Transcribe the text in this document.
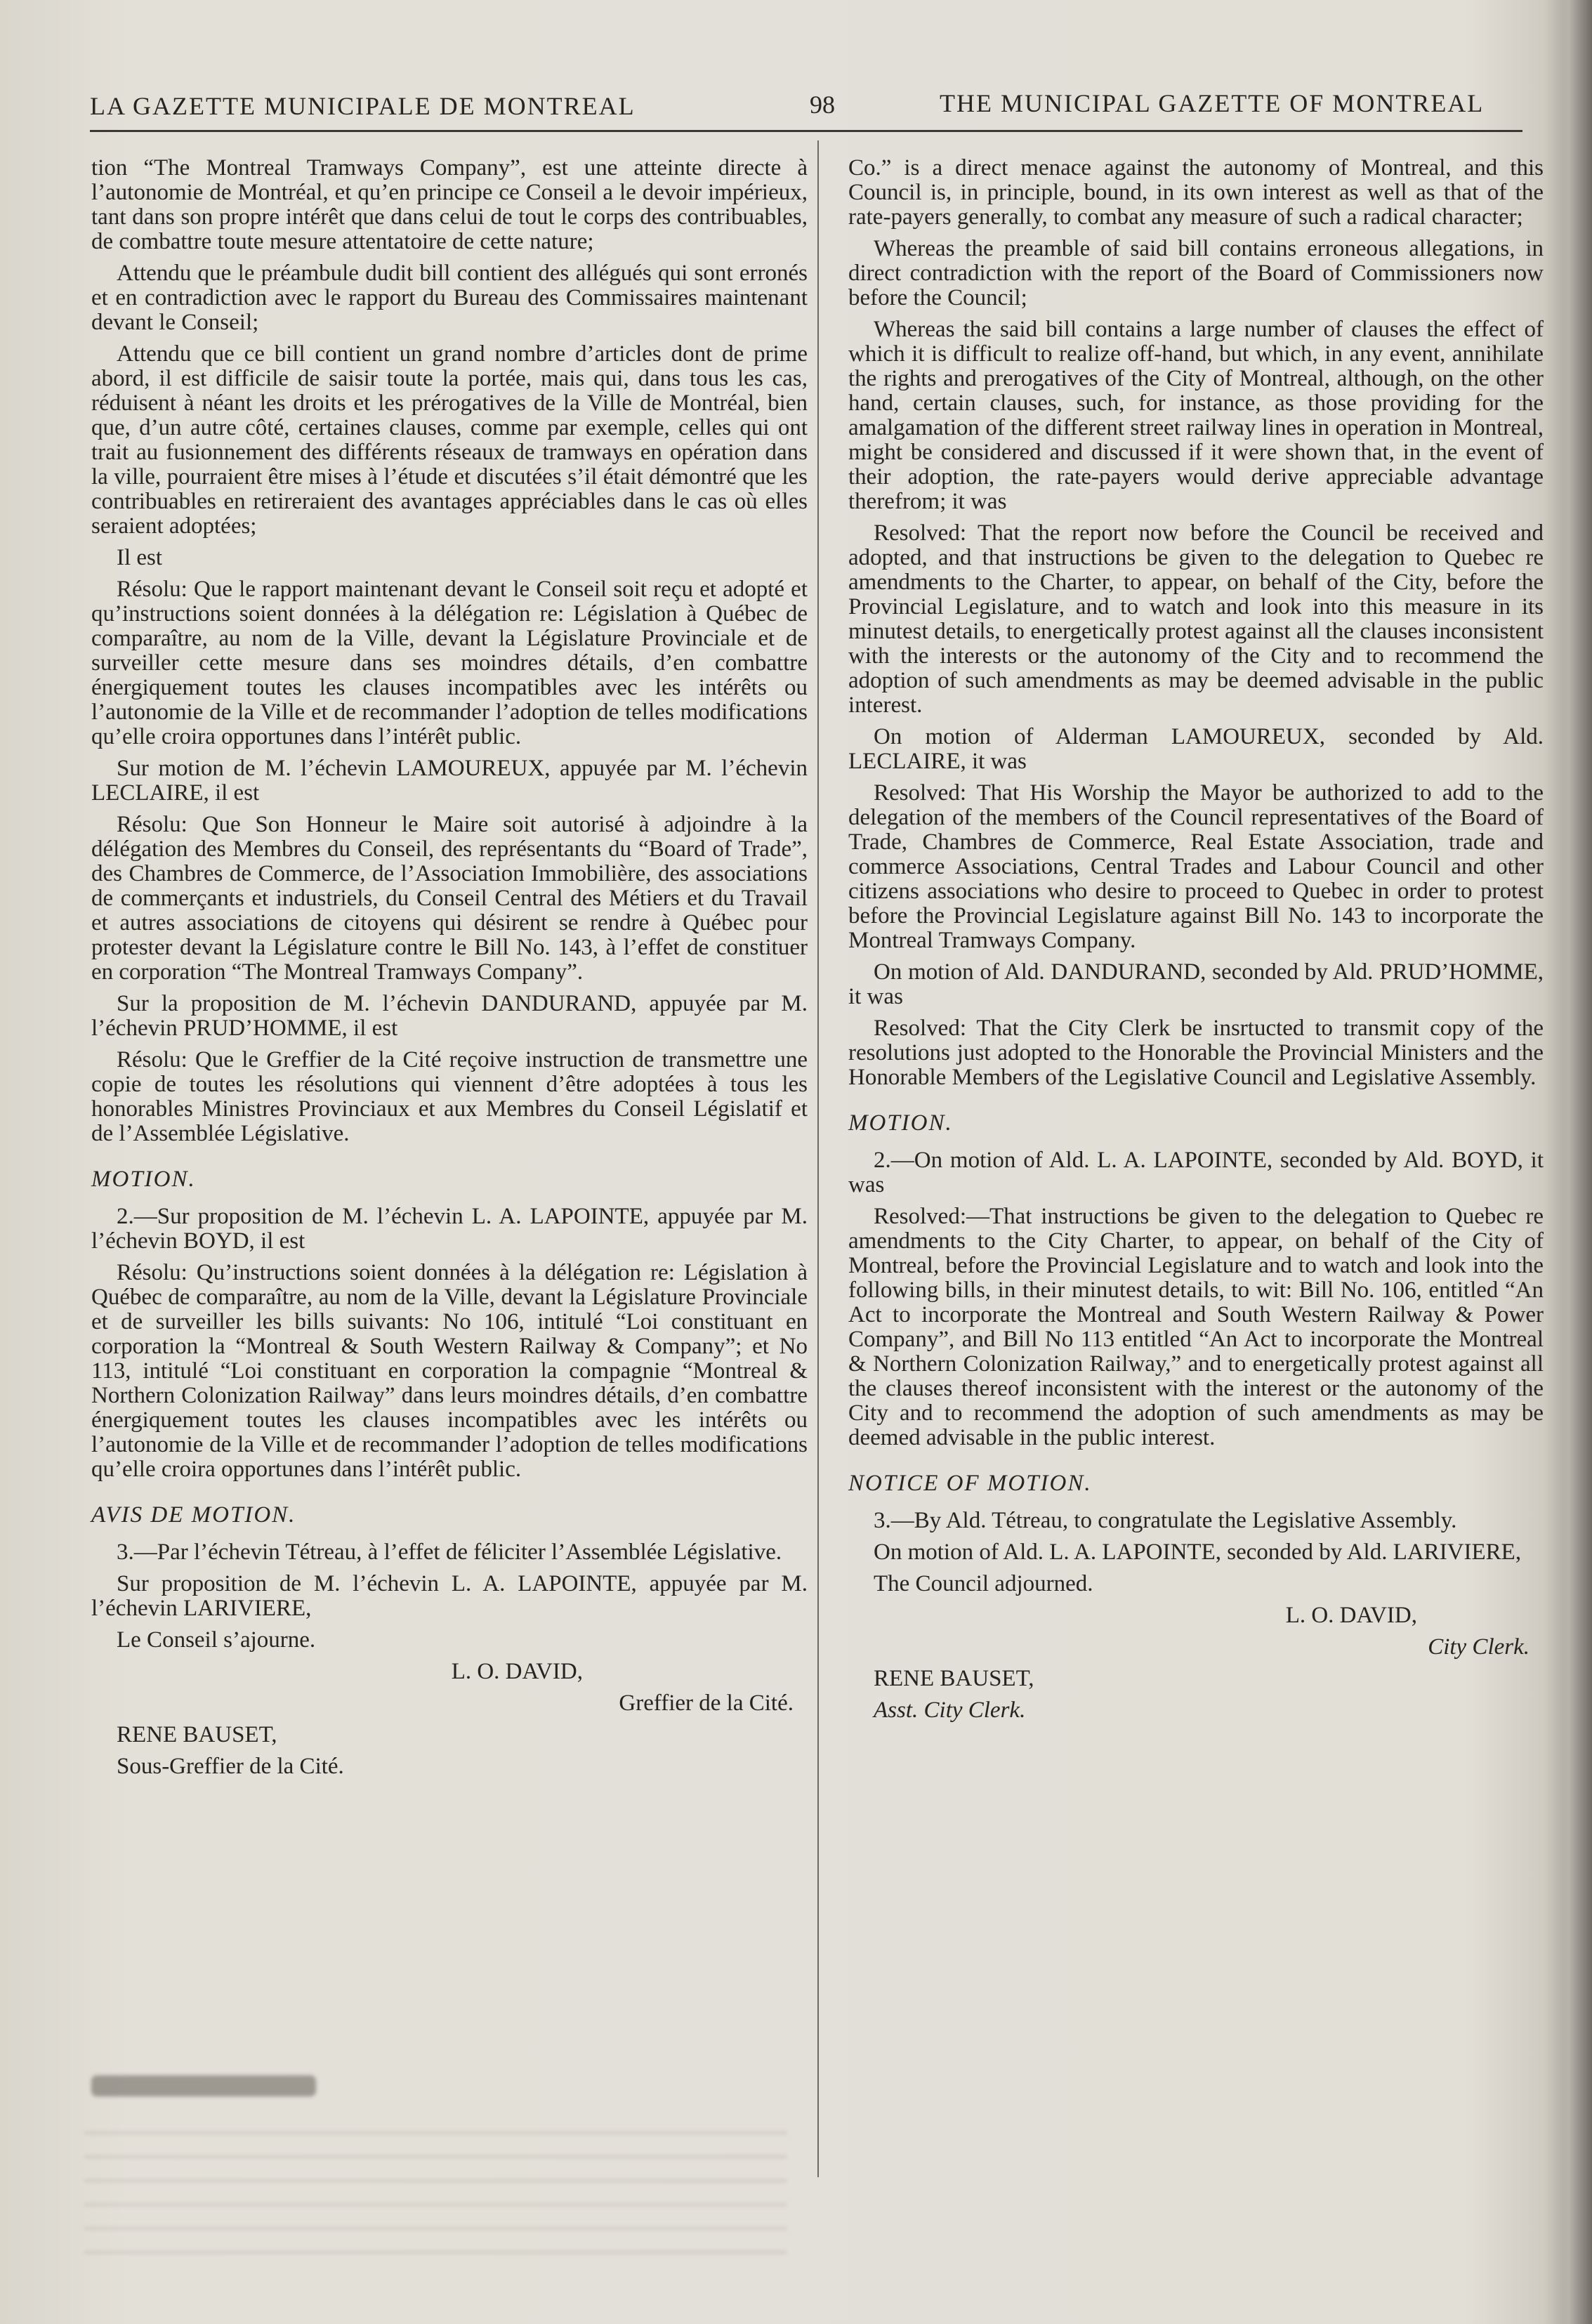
LA GAZETTE MUNICIPALE DE MONTREAL	98	THE MUNICIPAL GAZETTE OF MONTREAL

tion “The Montreal Tramways Company”, est une atteinte directe à l’autonomie de Montréal, et qu’en principe ce Conseil a le devoir impérieux, tant dans son propre intérêt que dans celui de tout le corps des contribuables, de combattre toute mesure attentatoire de cette nature;

Attendu que le préambule dudit bill contient des allégués qui sont erronés et en contradiction avec le rapport du Bureau des Commissaires maintenant devant le Conseil;

Attendu que ce bill contient un grand nombre d’articles dont de prime abord, il est difficile de saisir toute la portée, mais qui, dans tous les cas, réduisent à néant les droits et les prérogatives de la Ville de Montréal, bien que, d’un autre côté, certaines clauses, comme par exemple, celles qui ont trait au fusionnement des différents réseaux de tramways en opération dans la ville, pourraient être mises à l’étude et discutées s’il était démontré que les contribuables en retireraient des avantages appréciables dans le cas où elles seraient adoptées;

Il est

Résolu: Que le rapport maintenant devant le Conseil soit reçu et adopté et qu’instructions soient données à la délégation re: Législation à Québec de comparaître, au nom de la Ville, devant la Législature Provinciale et de surveiller cette mesure dans ses moindres détails, d’en combattre énergiquement toutes les clauses incompatibles avec les intérêts ou l’autonomie de la Ville et de recommander l’adoption de telles modifications qu’elle croira opportunes dans l’intérêt public.

Sur motion de M. l’échevin LAMOUREUX, appuyée par M. l’échevin LECLAIRE, il est

Résolu: Que Son Honneur le Maire soit autorisé à adjoindre à la délégation des Membres du Conseil, des représentants du “Board of Trade”, des Chambres de Commerce, de l’Association Immobilière, des associations de commerçants et industriels, du Conseil Central des Métiers et du Travail et autres associations de citoyens qui désirent se rendre à Québec pour protester devant la Législature contre le Bill No. 143, à l’effet de constituer en corporation “The Montreal Tramways Company”.

Sur la proposition de M. l’échevin DANDURAND, appuyée par M. l’échevin PRUD’HOMME, il est

Résolu: Que le Greffier de la Cité reçoive instruction de transmettre une copie de toutes les résolutions qui viennent d’être adoptées à tous les honorables Ministres Provinciaux et aux Membres du Conseil Législatif et de l’Assemblée Législative.

MOTION.

2.—Sur proposition de M. l’échevin L. A. LAPOINTE, appuyée par M. l’échevin BOYD, il est

Résolu: Qu’instructions soient données à la délégation re: Législation à Québec de comparaître, au nom de la Ville, devant la Législature Provinciale et de surveiller les bills suivants: No 106, intitulé “Loi constituant en corporation la “Montreal & South Western Railway & Company”; et No 113, intitulé “Loi constituant en corporation la compagnie “Montreal & Northern Colonization Railway” dans leurs moindres détails, d’en combattre énergiquement toutes les clauses incompatibles avec les intérêts ou l’autonomie de la Ville et de recommander l’adoption de telles modifications qu’elle croira opportunes dans l’intérêt public.

AVIS DE MOTION.

3.—Par l’échevin Tétreau, à l’effet de féliciter l’Assemblée Législative.

Sur proposition de M. l’échevin L. A. LAPOINTE, appuyée par M. l’échevin LARIVIERE,

Le Conseil s’ajourne.

L. O. DAVID,

Greffier de la Cité.

RENE BAUSET,

Sous-Greffier de la Cité.

Co.” is a direct menace against the autonomy of Montreal, and this Council is, in principle, bound, in its own interest as well as that of the rate-payers generally, to combat any measure of such a radical character;

Whereas the preamble of said bill contains erroneous allegations, in direct contradiction with the report of the Board of Commissioners now before the Council;

Whereas the said bill contains a large number of clauses the effect of which it is difficult to realize off-hand, but which, in any event, annihilate the rights and prerogatives of the City of Montreal, although, on the other hand, certain clauses, such, for instance, as those providing for the amalgamation of the different street railway lines in operation in Montreal, might be considered and discussed if it were shown that, in the event of their adoption, the rate-payers would derive appreciable advantage therefrom; it was

Resolved: That the report now before the Council be received and adopted, and that instructions be given to the delegation to Quebec re amendments to the Charter, to appear, on behalf of the City, before the Provincial Legislature, and to watch and look into this measure in its minutest details, to energetically protest against all the clauses inconsistent with the interests or the autonomy of the City and to recommend the adoption of such amendments as may be deemed advisable in the public interest.

On motion of Alderman LAMOUREUX, seconded by Ald. LECLAIRE, it was

Resolved: That His Worship the Mayor be authorized to add to the delegation of the members of the Council representatives of the Board of Trade, Chambres de Commerce, Real Estate Association, trade and commerce Associations, Central Trades and Labour Council and other citizens associations who desire to proceed to Quebec in order to protest before the Provincial Legislature against Bill No. 143 to incorporate the Montreal Tramways Company.

On motion of Ald. DANDURAND, seconded by Ald. PRUD’HOMME, it was

Resolved: That the City Clerk be insrtucted to transmit copy of the resolutions just adopted to the Honorable the Provincial Ministers and the Honorable Members of the Legislative Council and Legislative Assembly.

MOTION.

2.—On motion of Ald. L. A. LAPOINTE, seconded by Ald. BOYD, it was

Resolved:—That instructions be given to the delegation to Quebec re amendments to the City Charter, to appear, on behalf of the City of Montreal, before the Provincial Legislature and to watch and look into the following bills, in their minutest details, to wit: Bill No. 106, entitled “An Act to incorporate the Montreal and South Western Railway & Power Company”, and Bill No 113 entitled “An Act to incorporate the Montreal & Northern Colonization Railway,” and to energetically protest against all the clauses thereof inconsistent with the interest or the autonomy of the City and to recommend the adoption of such amendments as may be deemed advisable in the public interest.

NOTICE OF MOTION.

3.—By Ald. Tétreau, to congratulate the Legislative Assembly.

On motion of Ald. L. A. LAPOINTE, seconded by Ald. LARIVIERE,

The Council adjourned.

L. O. DAVID,

City Clerk.

RENE BAUSET,

Asst. City Clerk.
